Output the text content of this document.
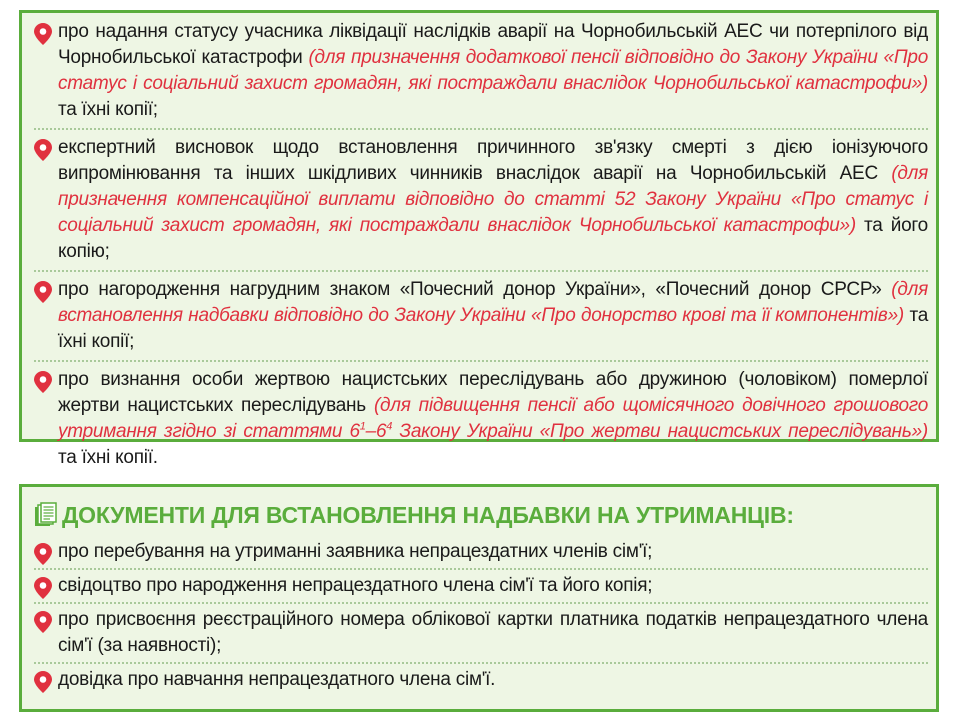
про надання статусу учасника ліквідації наслідків аварії на Чорнобильській АЕС чи потерпілого від Чорнобильської катастрофи (для призначення додаткової пенсії відповідно до Закону України «Про статус і соціальний захист громадян, які постраждали внаслідок Чорнобильської катастрофи») та їхні копії;
експертний висновок щодо встановлення причинного зв'язку смерті з дією іонізуючого випромінювання та інших шкідливих чинників внаслідок аварії на Чорнобильській АЕС (для призначення компенсаційної виплати відповідно до статті 52 Закону України «Про статус і соціальний захист громадян, які постраждали внаслідок Чорнобильської катастрофи») та його копію;
про нагородження нагрудним знаком «Почесний донор України», «Почесний донор СРСР» (для встановлення надбавки відповідно до Закону України «Про донорство крові та її компонентів») та їхні копії;
про визнання особи жертвою нацистських переслідувань або дружиною (чоловіком) померлої жертви нацистських переслідувань (для підвищення пенсії або щомісячного довічного грошового утримання згідно зі статтями $6^1-6^4$ Закону України «Про жертви нацистських переслідувань») та їхні копії.
ДОКУМЕНТИ ДЛЯ ВСТАНОВЛЕННЯ НАДБАВКИ НА УТРИМАНЦІВ:
про перебування на утриманні заявника непрацездатних членів сім'ї;
свідоцтво про народження непрацездатного члена сім'ї та його копія;
про присвоєння реєстраційного номера облікової картки платника податків непрацездатного члена сім'ї (за наявності);
довідка про навчання непрацездатного члена сім'ї.
